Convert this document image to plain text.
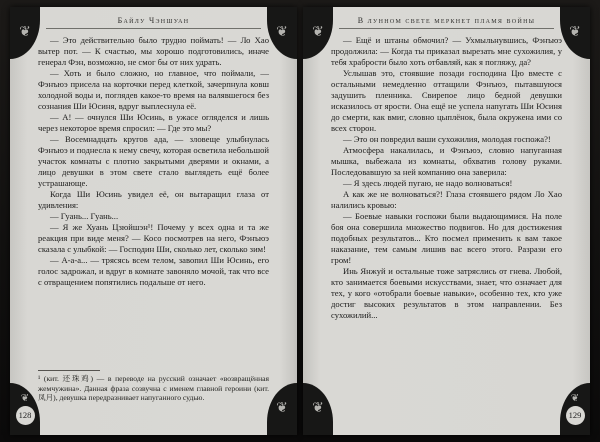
❦	❦
❦
128	❦
Байлу Чэншуан

— Это действительно было трудно поймать! — Ло Хао вытер пот. — К счастью, мы хорошо подготовились, иначе генерал Фэн, возможно, не смог бы от них удрать.

— Хоть и было сложно, но главное, что поймали, — Фэнъюэ присела на корточки перед клеткой, зачерпнула ковш холодной воды и, поглядев какое-то время на валявшегося без сознания Ши Юсиня, вдруг выплеснула её.

— А! — очнулся Ши Юсинь, в ужасе огляделся и лишь через некоторое время спросил: — Где это мы?

— Восемнадцать кругов ада, — зловеще улыбнулась Фэнъюэ и поднесла к нему свечу, которая осветила небольшой участок комнаты с плотно закрытыми дверями и окнами, а лицо девушки в этом свете стало выглядеть ещё более устрашающе.

Когда Ши Юсинь увидел её, он вытаращил глаза от удивления:

— Гуань... Гуань...

— Я же Хуань Цзюйшэн¹! Почему у всех одна и та же реакция при виде меня? — Косо посмотрев на него, Фэнъюэ сказала с улыбкой: — Господин Ши, сколько лет, сколько зим!

— А-а-а... — трясясь всем телом, завопил Ши Юсинь, его голос задрожал, и вдруг в комнате завоняло мочой, так что все с отвращением попятились подальше от него.

¹ (кит. 还珠鸡) — в переводе на русский означает «возвращённая жемчужина». Данная фраза созвучна с именем главной героини (кит. 凤月), девушка передразнивает напуганного судью.
❦	❦
❦
❦
129
В лунном свете меркнет пламя войны

— Ещё и штаны обмочил? — Ухмыльнувшись, Фэнъюэ продолжила: — Когда ты приказал вырезать мне сухожилия, у тебя храбрости было хоть отбавляй, как я погляжу, да?

Услышав это, стоявшие позади господина Цю вместе с остальными немедленно оттащили Фэнъюэ, пытавшуюся задушить пленника. Свирепое лицо бедной девушки исказилось от ярости. Она ещё не успела напугать Ши Юсиня до смерти, как вмиг, словно цыплёнок, была окружена ими со всех сторон.

— Это он повредил ваши сухожилия, молодая госпожа?!

Атмосфера накалилась, и Фэнъюэ, словно напуганная мышка, выбежала из комнаты, обхватив голову руками. Последовавшую за ней компанию она заверила:

— Я здесь людей пугаю, не надо волноваться!

А как же не волноваться?! Глаза стоявшего рядом Ло Хао налились кровью:

— Боевые навыки госпожи были выдающимися. На поле боя она совершила множество подвигов. Но для достижения подобных результатов... Кто посмел применить к вам такое наказание, тем самым лишив вас всего этого. Разрази его гром!

Инь Янжуй и остальные тоже затряслись от гнева. Любой, кто занимается боевыми искусствами, знает, что означает для тех, у кого «отобрали боевые навыки», особенно тех, кто уже достиг высоких результатов в этом направлении. Без сухожилий...
